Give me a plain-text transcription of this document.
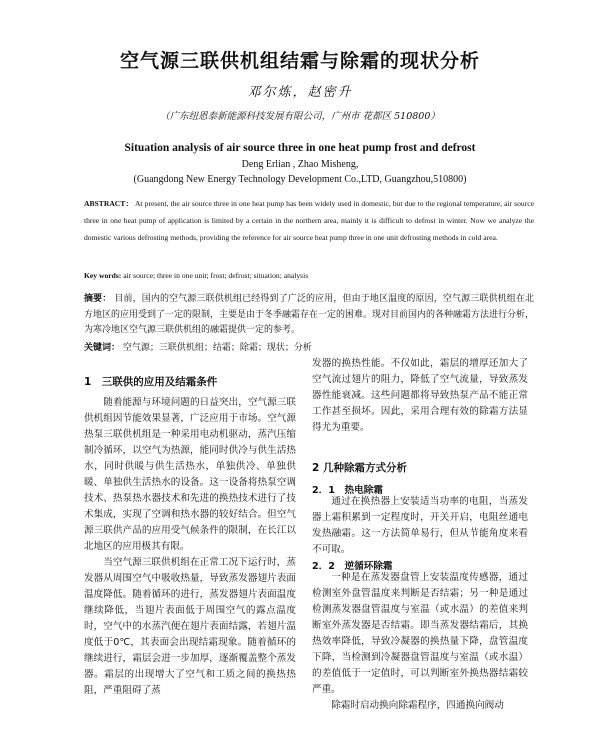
空气源三联供机组结霜与除霜的现状分析
邓尔炼，赵密升
（广东纽恩泰新能源科技发展有限公司，广州市 花都区 510800）
Situation analysis of air source three in one heat pump frost and defrost
Deng Erlian , Zhao Misheng,
(Guangdong New Energy Technology Development Co.,LTD, Guangzhou,510800)
ABSTRACT： At present, the air source three in one heat pump has been widely used in domestic, but due to the regional temperature, air source three in one heat pump of application is limited by a certain in the northern area, mainly it is difficult to defrost in winter. Now we analyze the domestic various defrosting methods, providing the reference for air source heat pump three in one unit defrosting methods in cold area.
Key words: air source; three in one unit; frost; defrost; situation; analysis
摘要： 目前，国内的空气源三联供机组已经得到了广泛的应用，但由于地区温度的原因，空气源三联供机组在北方地区的应用受到了一定的限制，主要是由于冬季融霜存在一定的困难。现对目前国内的各种融霜方法进行分析，为寒冷地区空气源三联供机组的融霜提供一定的参考。
关键词： 空气源；三联供机组；结霜；除霜；现状；分析
1　三联供的应用及结霜条件

随着能源与环境问题的日益突出，空气源三联供机组因节能效果显著，广泛应用于市场。空气源热泵三联供机组是一种采用电动机驱动，蒸汽压缩制冷循环，以空气为热源，能同时供冷与供生活热水，同时供暖与供生活热水，单独供冷、单独供暖、单独供生活热水的设备。这一设备将热泵空调技术、热泵热水器技术和先进的换热技术进行了技术集成，实现了空调和热水器的较好结合。但空气源三联供产品的应用受气候条件的限制，在长江以北地区的应用极其有限。

当空气源三联供机组在正常工况下运行时，蒸发器从周围空气中吸收热量，导致蒸发器翅片表面温度降低。随着循环的进行，蒸发器翅片表面温度继续降低，当翅片表面低于周围空气的露点温度时，空气中的水蒸汽便在翅片表面结露，若翅片温度低于0℃，其表面会出现结霜现象。随着循环的继续进行，霜层会进一步加厚，逐渐覆盖整个蒸发器。霜层的出现增大了空气和工质之间的换热热阻，严重阻碍了蒸

发器的换热性能。不仅如此，霜层的增厚还加大了空气流过翅片的阻力，降低了空气流量，导致蒸发器性能衰减。这些问题都将导致热泵产品不能正常工作甚至损坏。因此，采用合理有效的除霜方法显得尤为重要。

2 几种除霜方式分析
2．1　热电除霜

通过在换热器上安装适当功率的电阻，当蒸发器上霜积累到一定程度时，开关开启，电阻丝通电发热融霜。这一方法简单易行，但从节能角度来看不可取。

2．2　逆循环除霜

一种是在蒸发器盘管上安装温度传感器，通过检测室外盘管温度来判断是否结霜；另一种是通过检测蒸发器盘管温度与室温（或水温）的差值来判断室外蒸发器是否结霜。即当蒸发器结霜后，其换热效率降低，导致冷凝器的换热量下降，盘管温度下降，当检测到冷凝器盘管温度与室温（或水温）的差值低于一定值时，可以判断室外换热器结霜较严重。

除霜时启动换向除霜程序，四通换向阀动
